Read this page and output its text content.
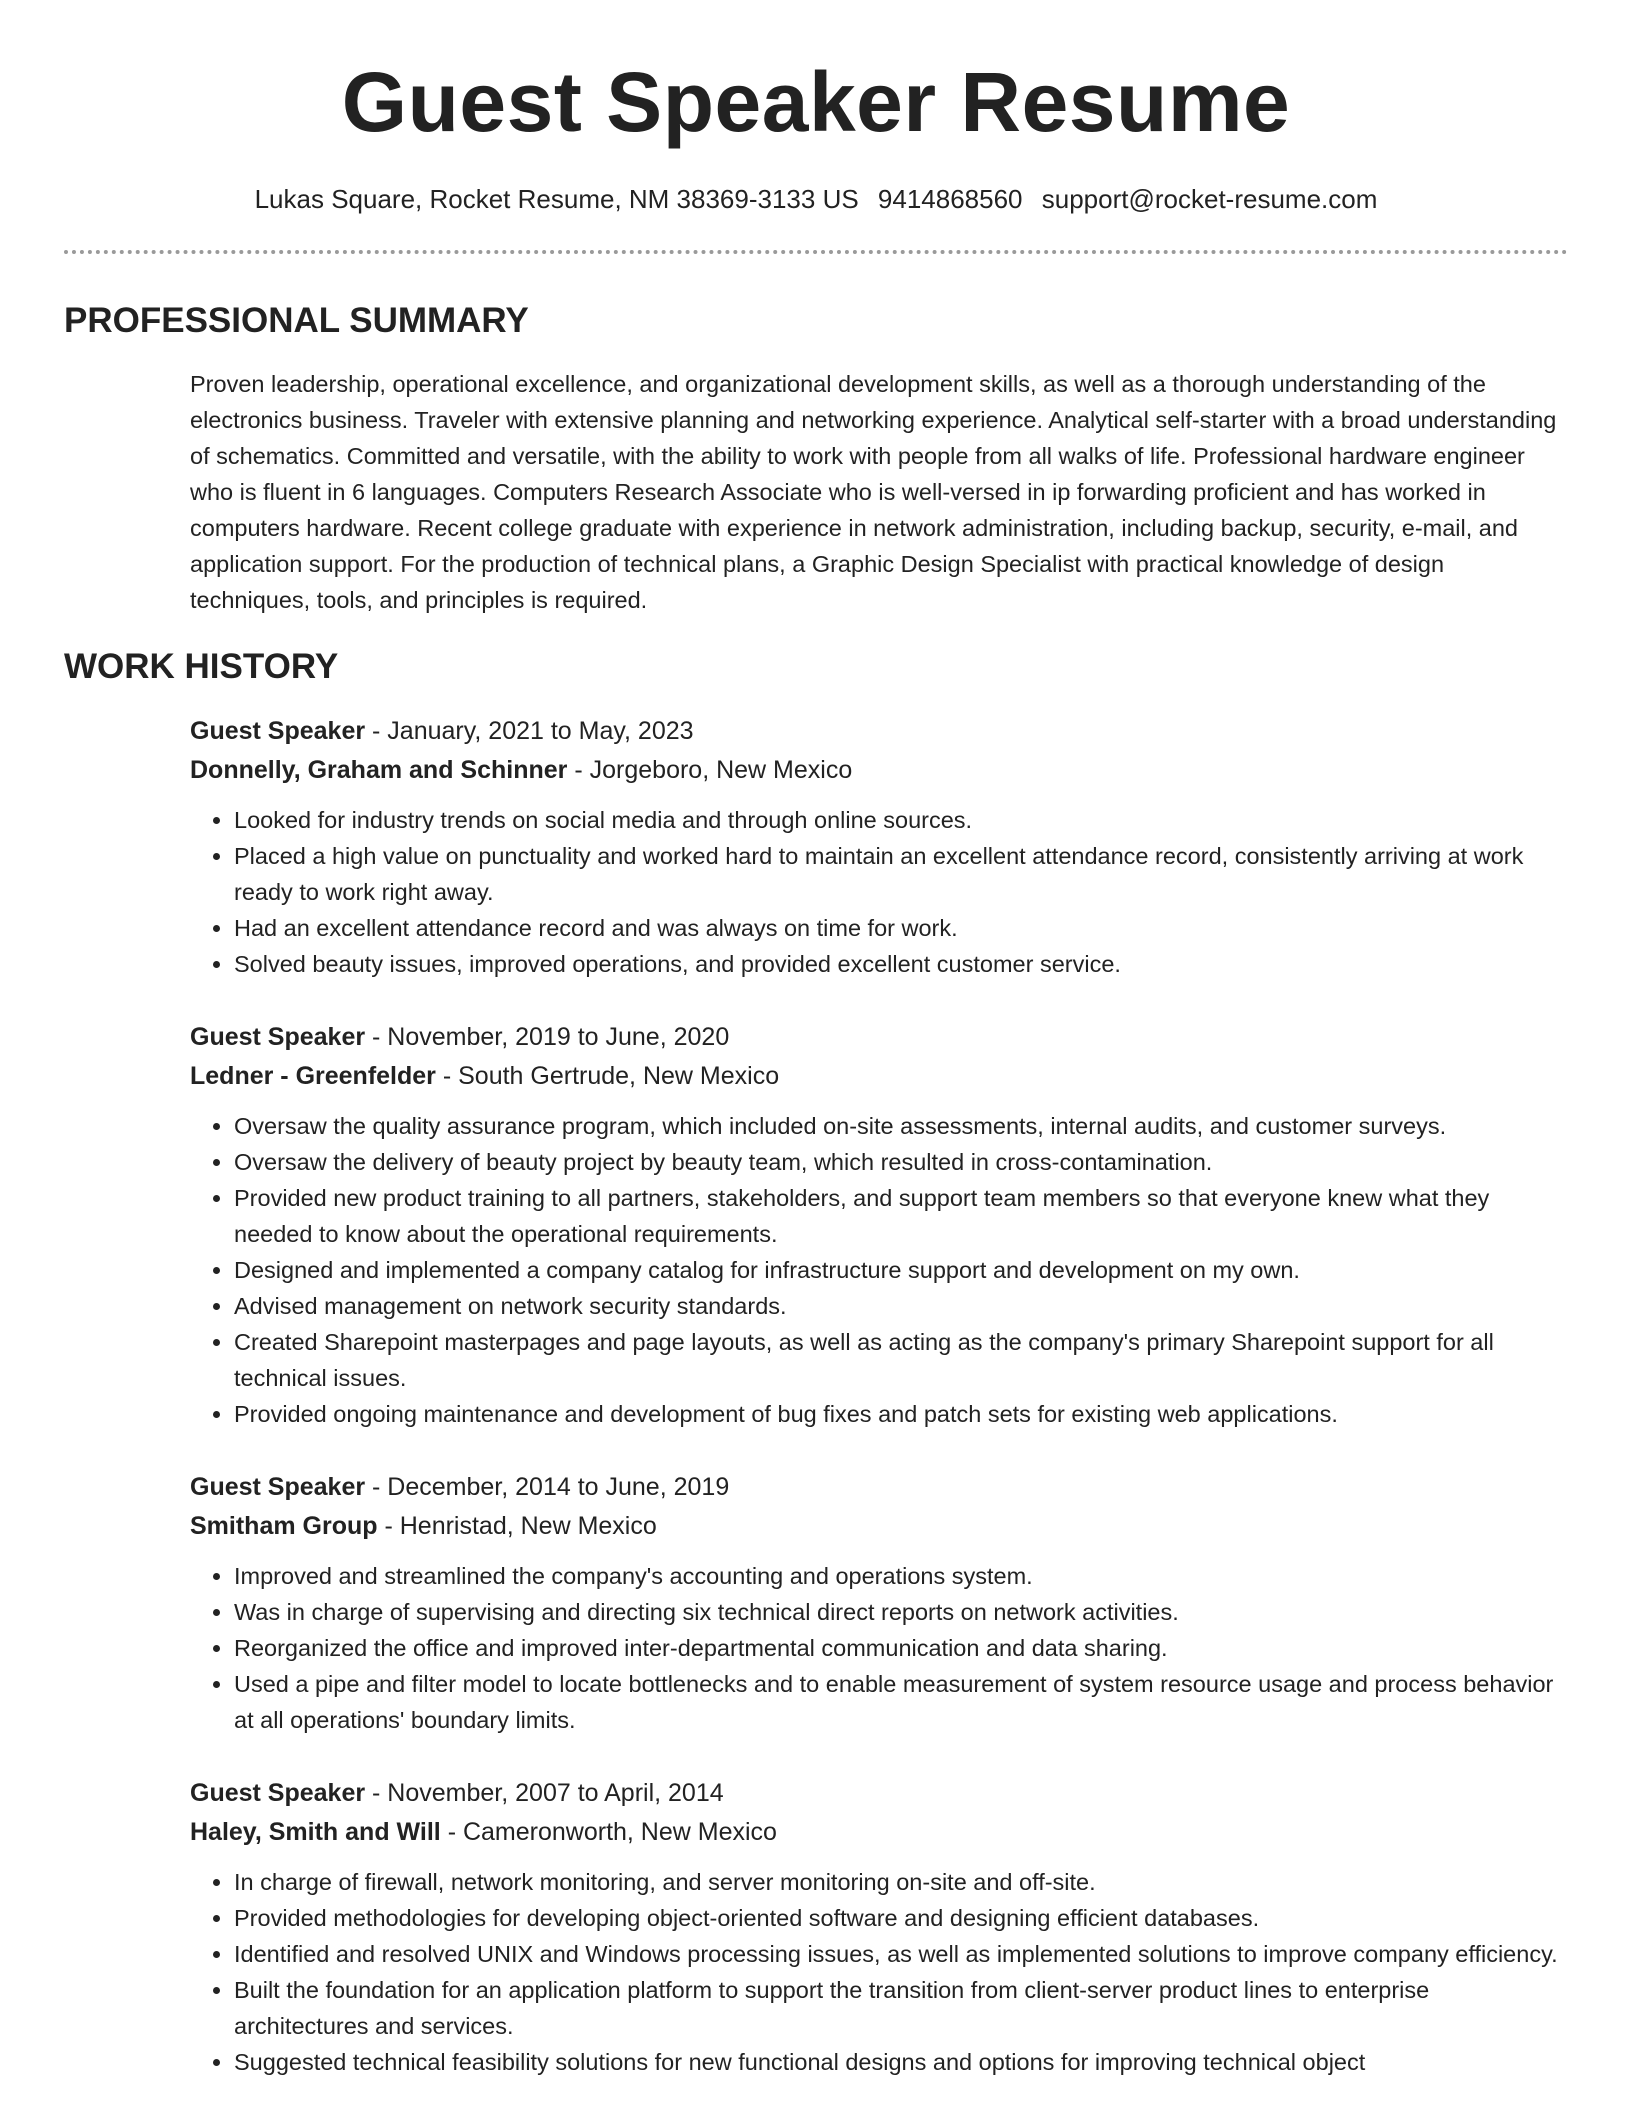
Guest Speaker Resume
Lukas Square, Rocket Resume, NM 38369-3133 US 9414868560 support@rocket-resume.com
PROFESSIONAL SUMMARY

Proven leadership, operational excellence, and organizational development skills, as well as a thorough understanding of the electronics business. Traveler with extensive planning and networking experience. Analytical self-starter with a broad understanding of schematics. Committed and versatile, with the ability to work with people from all walks of life. Professional hardware engineer who is fluent in 6 languages. Computers Research Associate who is well-versed in ip forwarding proficient and has worked in computers hardware. Recent college graduate with experience in network administration, including backup, security, e-mail, and application support. For the production of technical plans, a Graphic Design Specialist with practical knowledge of design techniques, tools, and principles is required.

WORK HISTORY
Guest Speaker - January, 2021 to May, 2023
Donnelly, Graham and Schinner - Jorgeboro, New Mexico
• Looked for industry trends on social media and through online sources.
• Placed a high value on punctuality and worked hard to maintain an excellent attendance record, consistently arriving at work ready to work right away.
• Had an excellent attendance record and was always on time for work.
• Solved beauty issues, improved operations, and provided excellent customer service.
Guest Speaker - November, 2019 to June, 2020
Ledner - Greenfelder - South Gertrude, New Mexico
• Oversaw the quality assurance program, which included on-site assessments, internal audits, and customer surveys.
• Oversaw the delivery of beauty project by beauty team, which resulted in cross-contamination.
• Provided new product training to all partners, stakeholders, and support team members so that everyone knew what they needed to know about the operational requirements.
• Designed and implemented a company catalog for infrastructure support and development on my own.
• Advised management on network security standards.
• Created Sharepoint masterpages and page layouts, as well as acting as the company's primary Sharepoint support for all technical issues.
• Provided ongoing maintenance and development of bug fixes and patch sets for existing web applications.
Guest Speaker - December, 2014 to June, 2019
Smitham Group - Henristad, New Mexico
• Improved and streamlined the company's accounting and operations system.
• Was in charge of supervising and directing six technical direct reports on network activities.
• Reorganized the office and improved inter-departmental communication and data sharing.
• Used a pipe and filter model to locate bottlenecks and to enable measurement of system resource usage and process behavior at all operations' boundary limits.
Guest Speaker - November, 2007 to April, 2014
Haley, Smith and Will - Cameronworth, New Mexico
• In charge of firewall, network monitoring, and server monitoring on-site and off-site.
• Provided methodologies for developing object-oriented software and designing efficient databases.
• Identified and resolved UNIX and Windows processing issues, as well as implemented solutions to improve company efficiency.
• Built the foundation for an application platform to support the transition from client-server product lines to enterprise architectures and services.
• Suggested technical feasibility solutions for new functional designs and options for improving technical object
